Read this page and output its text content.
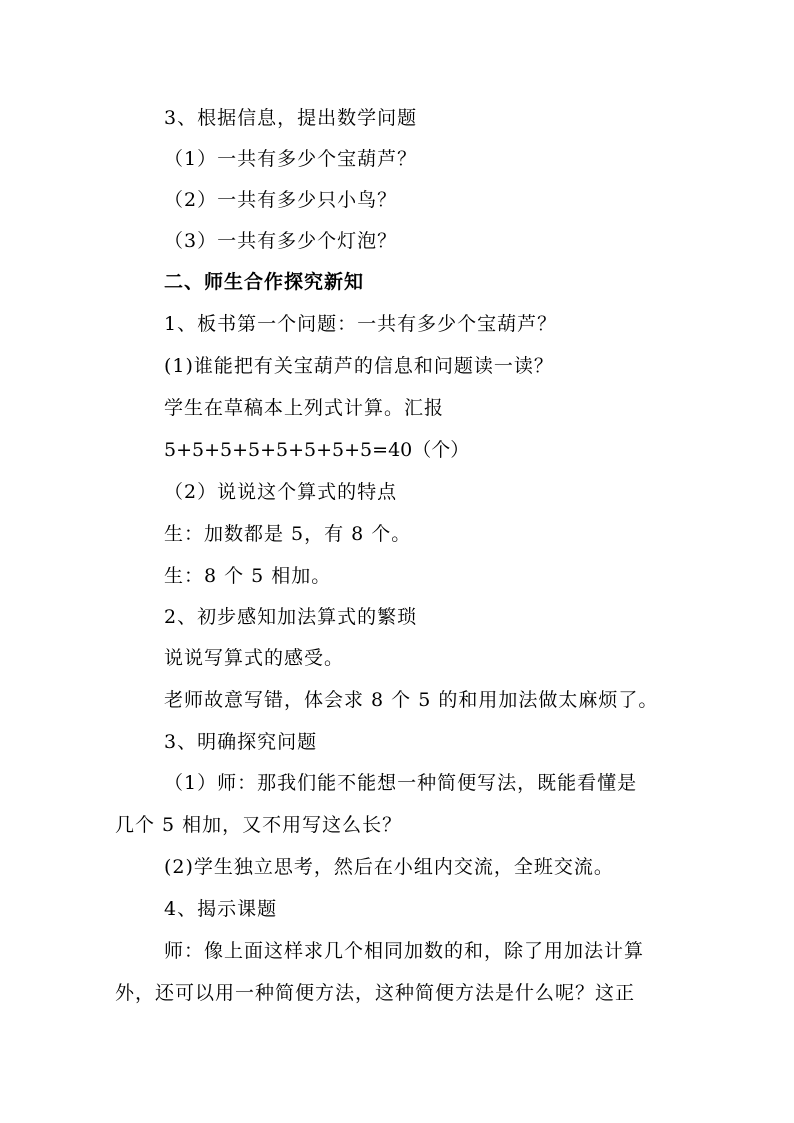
3、根据信息，提出数学问题
（1）一共有多少个宝葫芦？
（2）一共有多少只小鸟？
（3）一共有多少个灯泡？
二、师生合作探究新知
1、板书第一个问题：一共有多少个宝葫芦？
(1)谁能把有关宝葫芦的信息和问题读一读？
学生在草稿本上列式计算。汇报
5+5+5+5+5+5+5+5=40（个）
（2）说说这个算式的特点
生：加数都是 5，有 8 个。
生：8 个 5 相加。
2、初步感知加法算式的繁琐
说说写算式的感受。
老师故意写错，体会求 8 个 5 的和用加法做太麻烦了。
3、明确探究问题
（1）师：那我们能不能想一种简便写法，既能看懂是
几个 5 相加，又不用写这么长？
(2)学生独立思考，然后在小组内交流，全班交流。
4、揭示课题
师：像上面这样求几个相同加数的和，除了用加法计算
外，还可以用一种简便方法，这种简便方法是什么呢？这正
